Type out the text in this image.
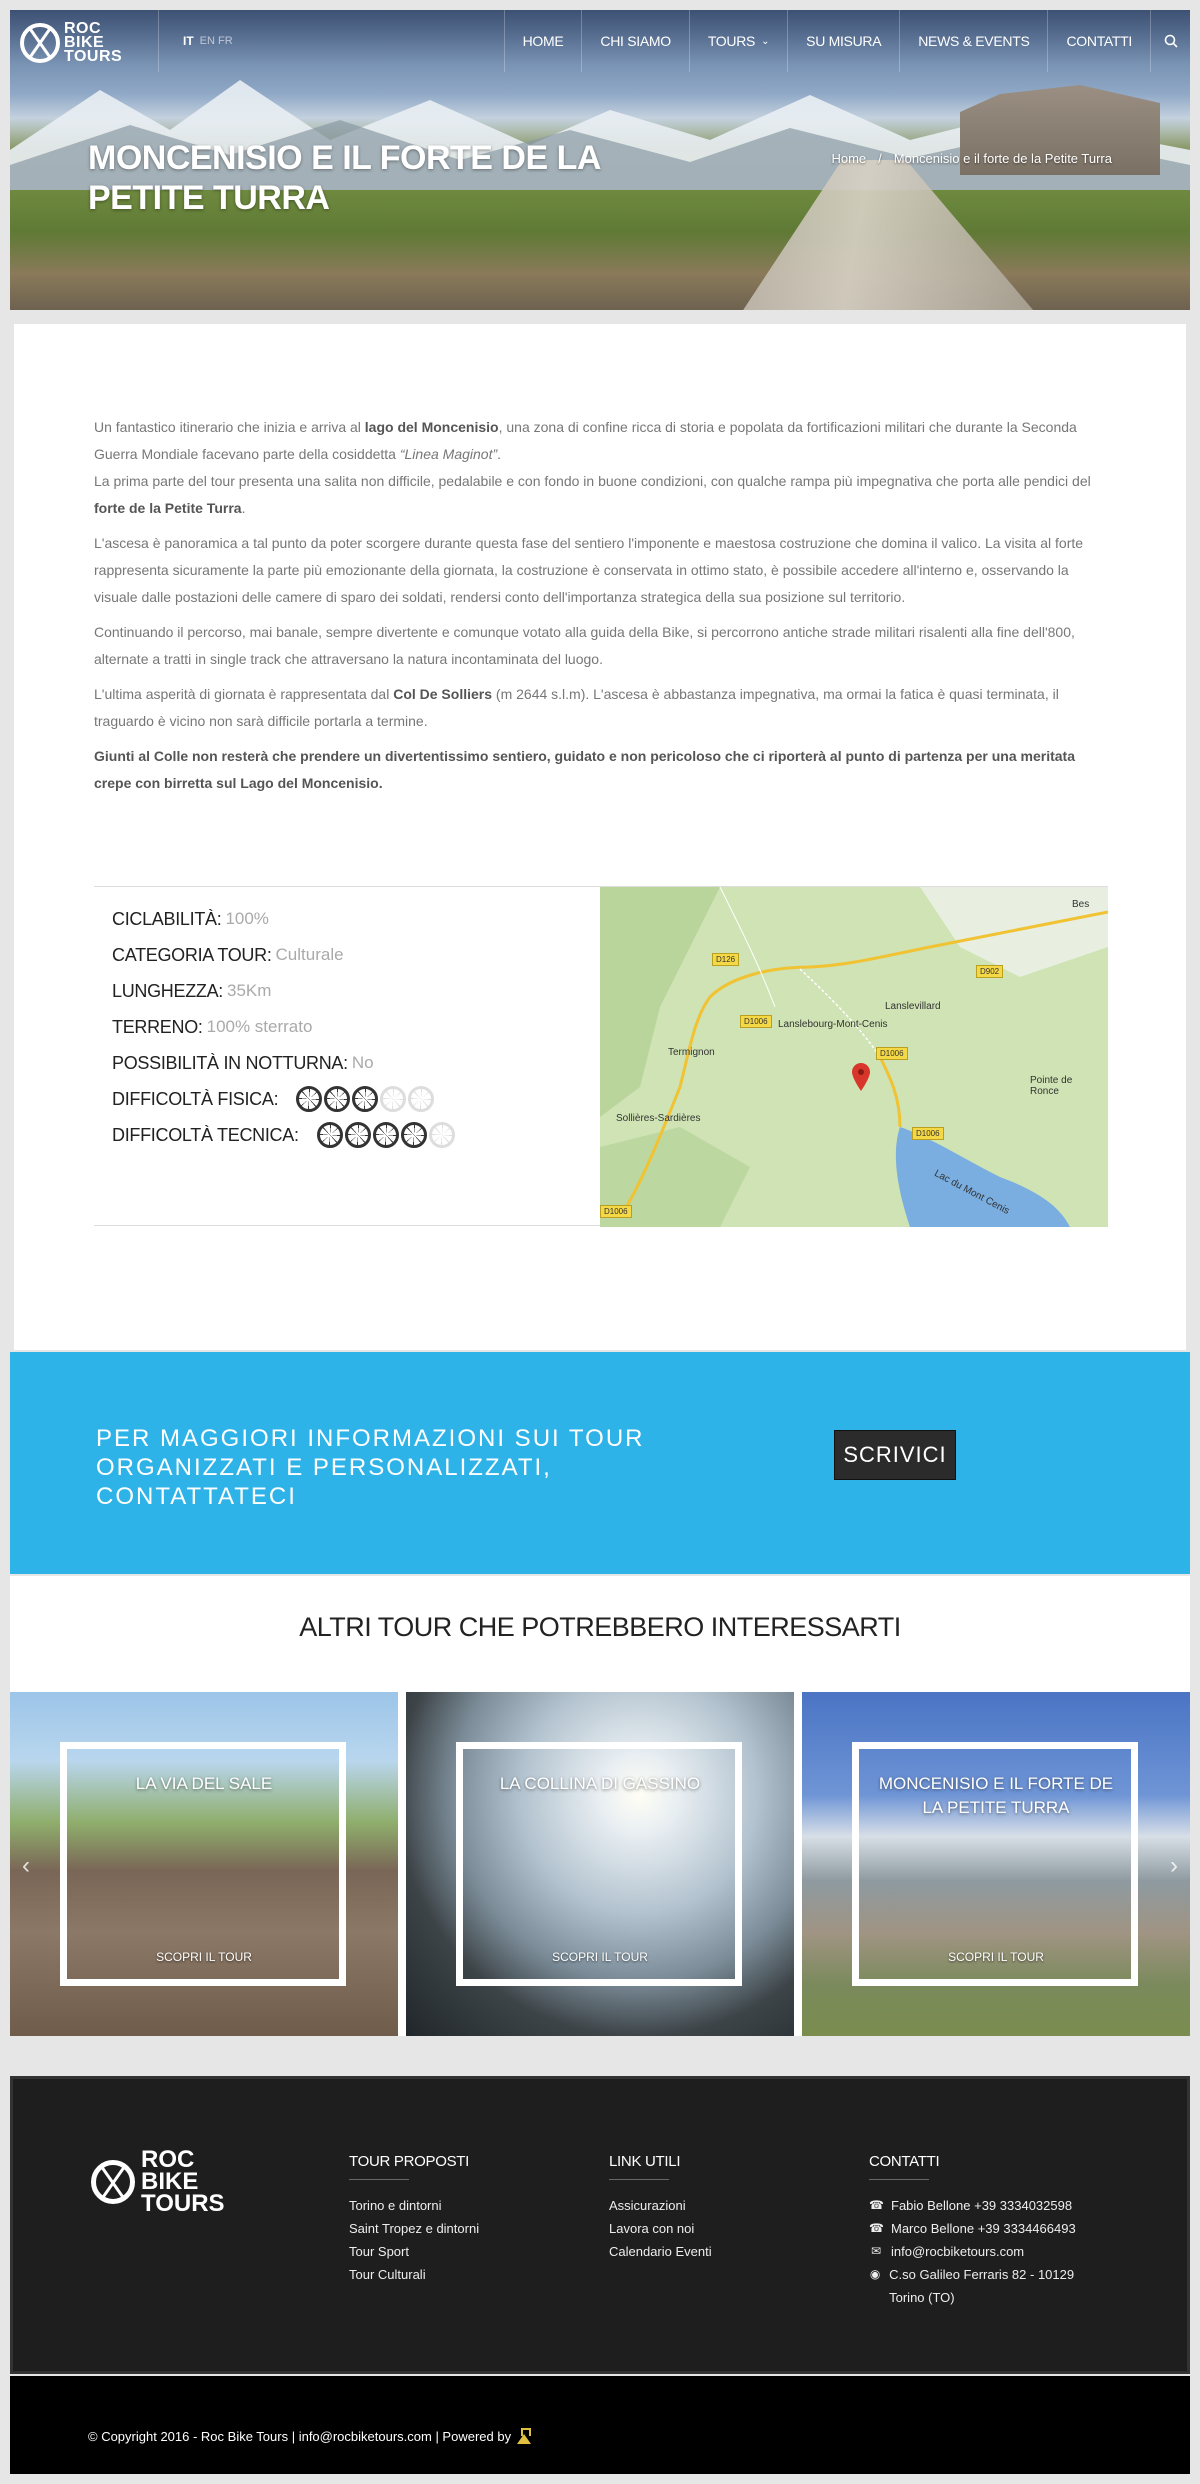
ROC
BIKE
TOURS
IT EN FR	HOME	CHI SIAMO	TOURS ⌄	SU MISURA	NEWS & EVENTS	CONTATTI
MONCENISIO E IL FORTE DE LA PETITE TURRA
Home / Moncenisio e il forte de la Petite Turra

Un fantastico itinerario che inizia e arriva al lago del Moncenisio, una zona di confine ricca di storia e popolata da fortificazioni militari che durante la Seconda Guerra Mondiale facevano parte della cosiddetta “Linea Maginot”.
La prima parte del tour presenta una salita non difficile, pedalabile e con fondo in buone condizioni, con qualche rampa più impegnativa che porta alle pendici del forte de la Petite Turra.

L'ascesa è panoramica a tal punto da poter scorgere durante questa fase del sentiero l'imponente e maestosa costruzione che domina il valico. La visita al forte rappresenta sicuramente la parte più emozionante della giornata, la costruzione è conservata in ottimo stato, è possibile accedere all'interno e, osservando la visuale dalle postazioni delle camere di sparo dei soldati, rendersi conto dell'importanza strategica della sua posizione sul territorio.

Continuando il percorso, mai banale, sempre divertente e comunque votato alla guida della Bike, si percorrono antiche strade militari risalenti alla fine dell'800, alternate a tratti in single track che attraversano la natura incontaminata del luogo.

L'ultima asperità di giornata è rappresentata dal Col De Solliers (m 2644 s.l.m). L'ascesa è abbastanza impegnativa, ma ormai la fatica è quasi terminata, il traguardo è vicino non sarà difficile portarla a termine.

Giunti al Colle non resterà che prendere un divertentissimo sentiero, guidato e non pericoloso che ci riporterà al punto di partenza per una meritata crepe con birretta sul Lago del Moncenisio.

CICLABILITÀ: 100%
CATEGORIA TOUR: Culturale
LUNGHEZZA: 35Km
TERRENO: 100% sterrato
POSSIBILITÀ IN NOTTURNA: No
DIFFICOLTÀ FISICA:
DIFFICOLTÀ TECNICA:
Bes
Lanslevillard
Lanslebourg-Mont-Cenis
Termignon
Sollières-Sardières
Pointe de Ronce
Lac du Mont Cenis
D126
D902
D1006
D1006
D1006
D1006
PER MAGGIORI INFORMAZIONI SUI TOUR ORGANIZZATI E PERSONALIZZATI, CONTATTATECI
SCRIVICI
ALTRI TOUR CHE POTREBBERO INTERESSARTI
LA VIA DEL SALE
SCOPRI IL TOUR
‹
LA COLLINA DI GASSINO
SCOPRI IL TOUR
MONCENISIO E IL FORTE DE LA PETITE TURRA
SCOPRI IL TOUR
›
ROC
BIKE
TOURS
TOUR PROPOSTI
Torino e dintorni
Saint Tropez e dintorni
Tour Sport
Tour Culturali
LINK UTILI
Assicurazioni
Lavora con noi
Calendario Eventi
CONTATTI
☎ Fabio Bellone +39 3334032598
☎ Marco Bellone +39 3334466493
✉ info@rocbiketours.com
◉ C.so Galileo Ferraris 82 - 10129 Torino (TO)
© Copyright 2016 - Roc Bike Tours | info@rocbiketours.com | Powered by
